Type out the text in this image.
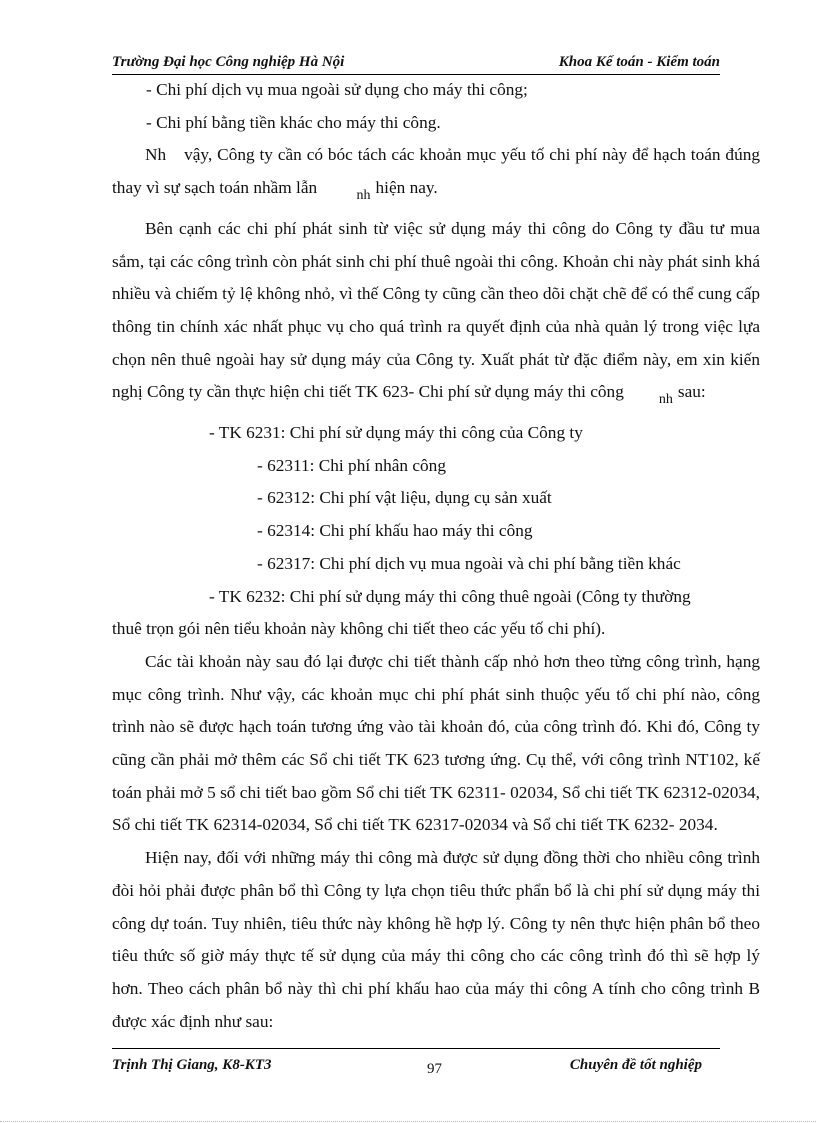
Trường Đại học Công nghiệp Hà Nội	Khoa Kế toán - Kiểm toán

- Chi phí dịch vụ mua ngoài sử dụng cho máy thi công;

- Chi phí bằng tiền khác cho máy thi công.

Nh vậy, Công ty cần có bóc tách các khoản mục yếu tố chi phí này để hạch toán đúng thay vì sự sạch toán nhầm lẫn	nh hiện nay.

Bên cạnh các chi phí phát sinh từ việc sử dụng máy thi công do Công ty đầu tư mua sắm, tại các công trình còn phát sinh chi phí thuê ngoài thi công. Khoản chi này phát sinh khá nhiều và chiếm tỷ lệ không nhỏ, vì thế Công ty cũng cần theo dõi chặt chẽ để có thể cung cấp thông tin chính xác nhất phục vụ cho quá trình ra quyết định của nhà quản lý trong việc lựa chọn nên thuê ngoài hay sử dụng máy của Công ty. Xuất phát từ đặc điểm này, em xin kiến nghị Công ty cần thực hiện chi tiết TK 623- Chi phí sử dụng máy thi công	nh sau:

- TK 6231: Chi phí sử dụng máy thi công của Công ty

- 62311: Chi phí nhân công

- 62312: Chi phí vật liệu, dụng cụ sản xuất

- 62314: Chi phí khấu hao máy thi công

- 62317: Chi phí dịch vụ mua ngoài và chi phí bằng tiền khác

- TK 6232: Chi phí sử dụng máy thi công thuê ngoài (Công ty thường

thuê trọn gói nên tiểu khoản này không chi tiết theo các yếu tố chi phí).

Các tài khoản này sau đó lại được chi tiết thành cấp nhỏ hơn theo từng công trình, hạng mục công trình. Như vậy, các khoản mục chi phí phát sinh thuộc yếu tố chi phí nào, công trình nào sẽ được hạch toán tương ứng vào tài khoản đó, của công trình đó. Khi đó, Công ty cũng cần phải mở thêm các Sổ chi tiết TK 623 tương ứng. Cụ thể, với công trình NT102, kế toán phải mở 5 sổ chi tiết bao gồm Sổ chi tiết TK 62311- 02034, Sổ chi tiết TK 62312-02034, Sổ chi tiết TK 62314-02034, Sổ chi tiết TK 62317-02034 và Sổ chi tiết TK 6232- 2034.

Hiện nay, đối với những máy thi công mà được sử dụng đồng thời cho nhiều công trình đòi hỏi phải được phân bổ thì Công ty lựa chọn tiêu thức phẩn bổ là chi phí sử dụng máy thi công dự toán. Tuy nhiên, tiêu thức này không hề hợp lý. Công ty nên thực hiện phân bổ theo tiêu thức số giờ máy thực tế sử dụng của máy thi công cho các công trình đó thì sẽ hợp lý hơn. Theo cách phân bổ này thì chi phí khấu hao của máy thi công A tính cho công trình B được xác định như sau:

Trịnh Thị Giang, K8-KT3	97	Chuyên đề tốt nghiệp
